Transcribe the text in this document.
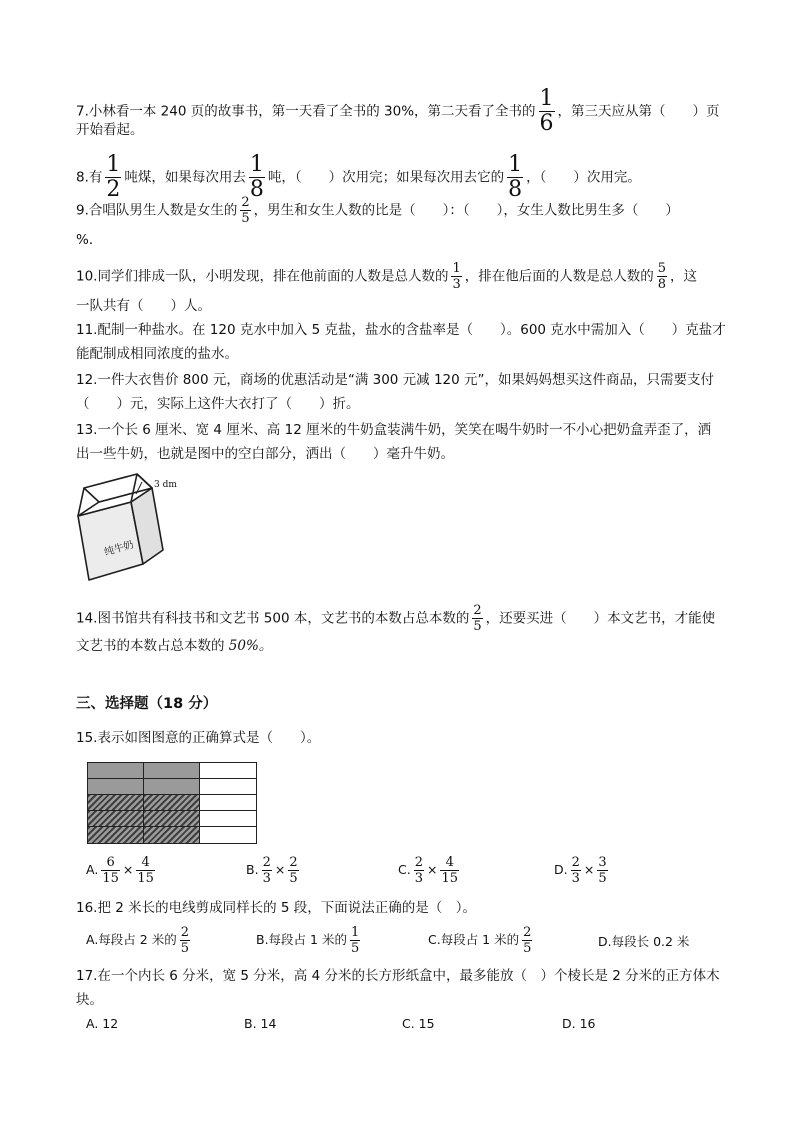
7.小林看一本 240 页的故事书，第一天看了全书的 30%，第二天看了全书的 $\frac{1}{6}$ ，第三天应从第（　　）页
开始看起。
8.有 $\frac{1}{2}$ 吨煤，如果每次用去 $\frac{1}{8}$ 吨，（　　）次用完；如果每次用去它的 $\frac{1}{8}$ ，（　　）次用完。
9.合唱队男生人数是女生的 $\frac{2}{5}$ ，男生和女生人数的比是（　　）：（　　），女生人数比男生多（　　）
%．
10.同学们排成一队，小明发现，排在他前面的人数是总人数的 $\frac{1}{3}$ ，排在他后面的人数是总人数的 $\frac{5}{8}$ ，这
一队共有（　　）人。
11.配制一种盐水。在 120 克水中加入 5 克盐，盐水的含盐率是（　　）。600 克水中需加入（　　）克盐才
能配制成相同浓度的盐水。
12.一件大衣售价 800 元，商场的优惠活动是“满 300 元减 120 元”，如果妈妈想买这件商品，只需要支付
（　　）元，实际上这件大衣打了（　　）折。
13.一个长 6 厘米、宽 4 厘米、高 12 厘米的牛奶盒装满牛奶，笑笑在喝牛奶时一不小心把奶盒弄歪了，洒
出一些牛奶，也就是图中的空白部分，洒出（　　）毫升牛奶。
3 dm
纯牛奶
14.图书馆共有科技书和文艺书 500 本，文艺书的本数占总本数的 $\frac{2}{5}$ ，还要买进（　　）本文艺书，才能使
文艺书的本数占总本数的 50%。
三、选择题（18 分）
15.表示如图图意的正确算式是（　　）。
A. $\frac{6}{15} \times \frac{4}{15}$	B. $\frac{2}{3} \times \frac{2}{5}$	C. $\frac{2}{3} \times \frac{4}{15}$	D. $\frac{2}{3} \times \frac{3}{5}$
16.把 2 米长的电线剪成同样长的 5 段，下面说法正确的是（　）。
A.每段占 2 米的 $\frac{2}{5}$	B.每段占 1 米的 $\frac{1}{5}$	C.每段占 1 米的 $\frac{2}{5}$	D.每段长 0.2 米
17.在一个内长 6 分米，宽 5 分米，高 4 分米的长方形纸盒中，最多能放（　）个棱长是 2 分米的正方体木
块。
A. 12	B. 14	C. 15	D. 16
